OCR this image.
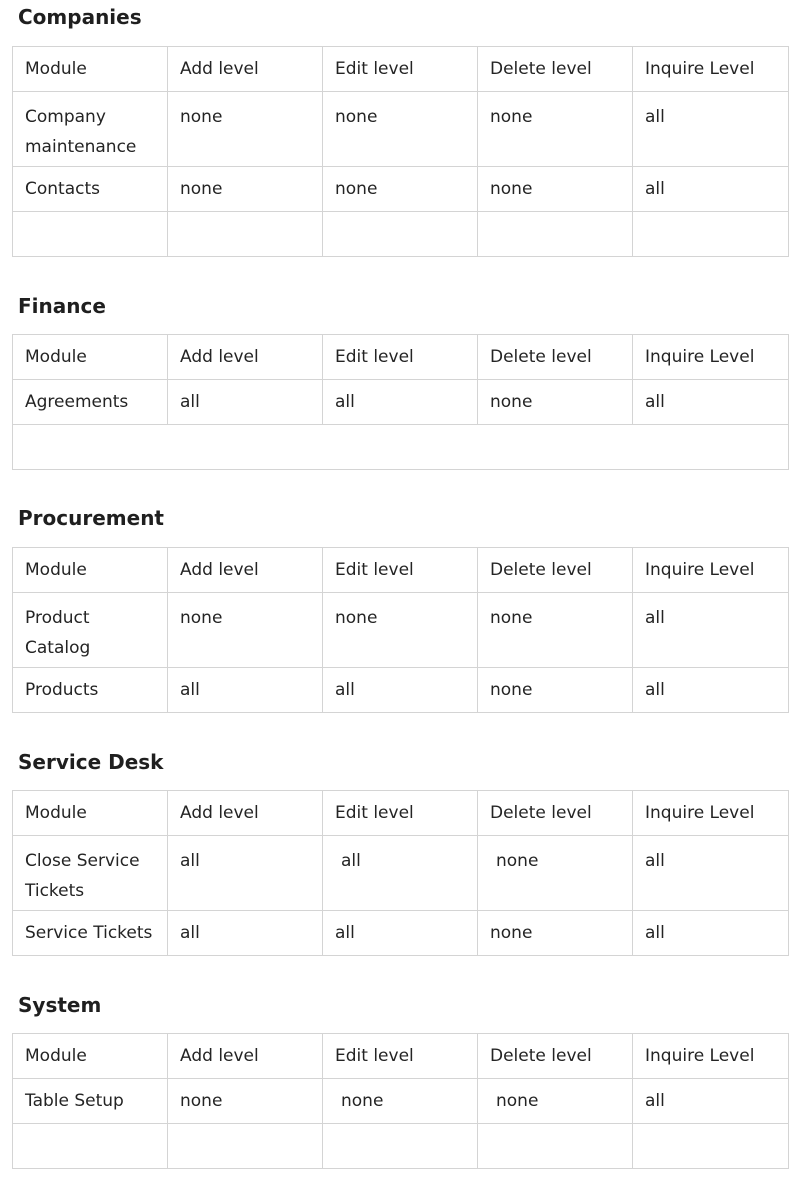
Companies
Module	Add level	Edit level	Delete level	Inquire Level
Company maintenance	none	none	none	all
Contacts	none	none	none	all

Finance
Module	Add level	Edit level	Delete level	Inquire Level
Agreements	all	all	none	all

Procurement
Module	Add level	Edit level	Delete level	Inquire Level
Product Catalog	none	none	none	all
Products	all	all	none	all
Service Desk
Module	Add level	Edit level	Delete level	Inquire Level
Close Service Tickets	all	all	none	all
Service Tickets	all	all	none	all
System
Module	Add level	Edit level	Delete level	Inquire Level
Table Setup	none	none	none	all
